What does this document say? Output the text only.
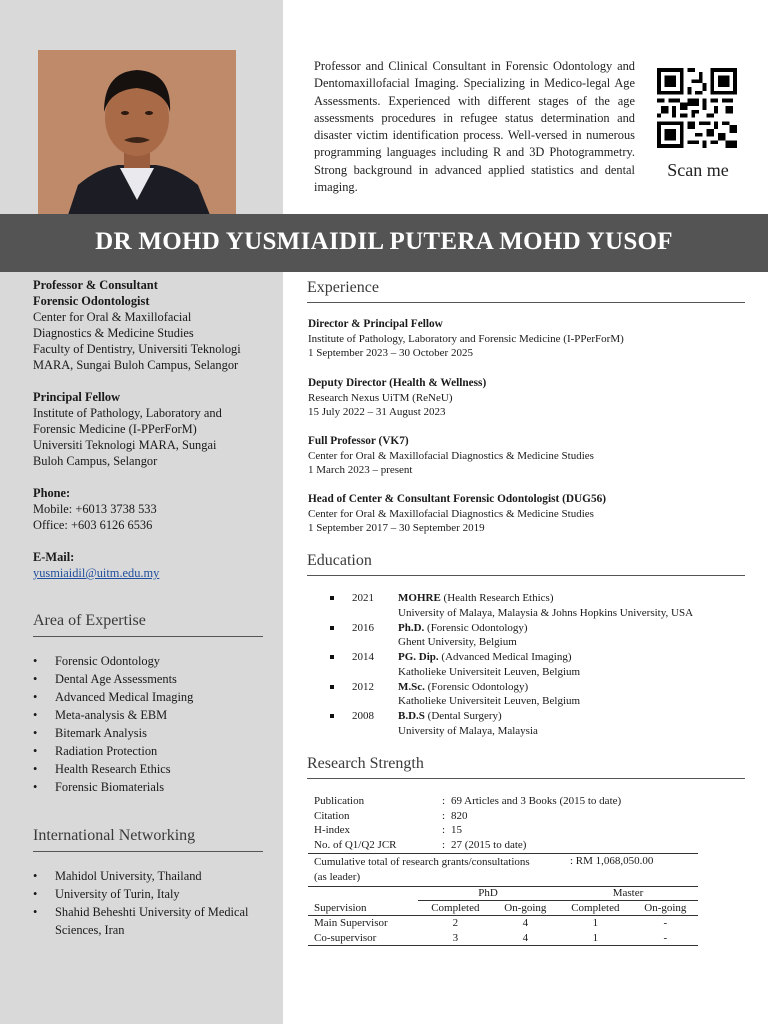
Professor and Clinical Consultant in Forensic Odontology and Dentomaxillofacial Imaging. Specializing in Medico-legal Age Assessments. Experienced with different stages of the age assessments procedures in refugee status determination and disaster victim identification process. Well-versed in numerous programming languages including R and 3D Photogrammetry. Strong background in advanced applied statistics and dental imaging.
Scan me
DR MOHD YUSMIAIDIL PUTERA MOHD YUSOF
Professor & Consultant
Forensic Odontologist
Center for Oral & Maxillofacial
Diagnostics & Medicine Studies
Faculty of Dentistry, Universiti Teknologi
MARA, Sungai Buloh Campus, Selangor
Principal Fellow
Institute of Pathology, Laboratory and
Forensic Medicine (I-PPerForM)
Universiti Teknologi MARA, Sungai
Buloh Campus, Selangor
Phone:
Mobile: +6013 3738 533
Office: +603 6126 6536
E-Mail:
yusmiaidil@uitm.edu.my
Area of Expertise
• Forensic Odontology
• Dental Age Assessments
• Advanced Medical Imaging
• Meta-analysis & EBM
• Bitemark Analysis
• Radiation Protection
• Health Research Ethics
• Forensic Biomaterials
International Networking
• Mahidol University, Thailand
• University of Turin, Italy
• Shahid Beheshti University of Medical Sciences, Iran
Experience
Director & Principal Fellow
Institute of Pathology, Laboratory and Forensic Medicine (I-PPerForM)
1 September 2023 – 30 October 2025
Deputy Director (Health & Wellness)
Research Nexus UiTM (ReNeU)
15 July 2022 – 31 August 2023
Full Professor (VK7)
Center for Oral & Maxillofacial Diagnostics & Medicine Studies
1 March 2023 – present
Head of Center & Consultant Forensic Odontologist (DUG56)
Center for Oral & Maxillofacial Diagnostics & Medicine Studies
1 September 2017 – 30 September 2019
Education
2021 MOHRE (Health Research Ethics)
University of Malaya, Malaysia & Johns Hopkins University, USA
2016 Ph.D. (Forensic Odontology)
Ghent University, Belgium
2014 PG. Dip. (Advanced Medical Imaging)
Katholieke Universiteit Leuven, Belgium
2012 M.Sc. (Forensic Odontology)
Katholieke Universiteit Leuven, Belgium
2008 B.D.S (Dental Surgery)
University of Malaya, Malaysia
Research Strength
Publication	: 69 Articles and 3 Books (2015 to date)
Citation	: 820
H-index	: 15
No. of Q1/Q2 JCR	: 27 (2015 to date)
Cumulative total of research grants/consultations
(as leader)
: RM 1,068,050.00
	PhD		Master	
Supervision	Completed	On-going	Completed	On-going
Main Supervisor	2	4	1	-
Co-supervisor	3	4	1	-
